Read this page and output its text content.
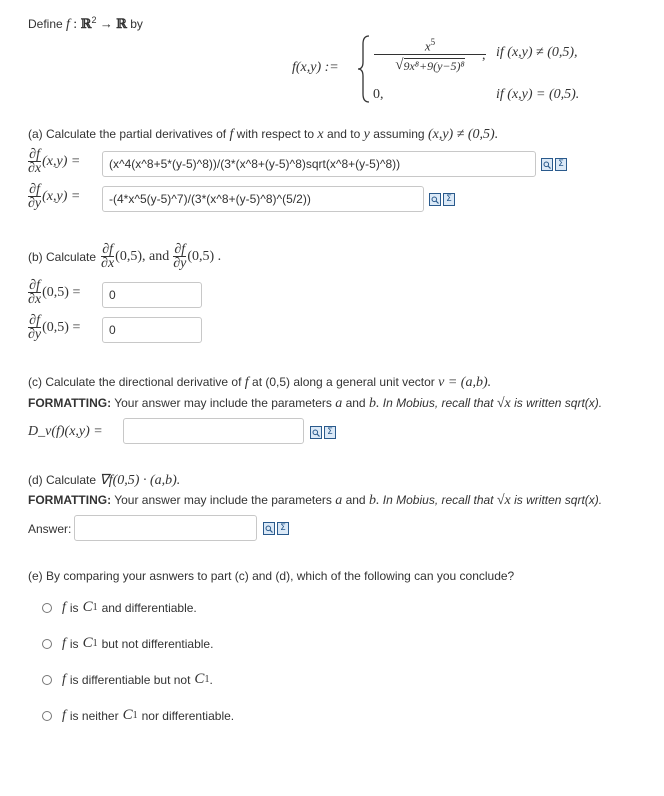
Define f : ℝ$^2$ → ℝ by
f(x,y) :=
$x^5$
√ 9x⁸+9(y−5)⁸
, if (x,y) ≠ (0,5),
0,	if (x,y) = (0,5).
(a) Calculate the partial derivatives of f with respect to x and to y assuming (x,y) ≠ (0,5).
$\frac{\partial f}{\partial x} (x,y)$ =	(x^4(x^8+5*(y-5)^8))/(3*(x^8+(y-5)^8)sqrt(x^8+(y-5)^8))	Σ
$\frac{\partial f}{\partial y} (x,y)$ =	-(4*x^5(y-5)^7)/(3*(x^8+(y-5)^8)^(5/2))	Σ
(b) Calculate $\frac{\partial f}{\partial x} (0,5)$, and $\frac{\partial f}{\partial y} (0,5)$ .
$\frac{\partial f}{\partial x} (0,5)$ =	0
$\frac{\partial f}{\partial y} (0,5)$ =	0
(c) Calculate the directional derivative of f at (0,5) along a general unit vector v = (a,b).
FORMATTING: Your answer may include the parameters a and b. In Mobius, recall that √x is written sqrt(x).
D_v(f)(x,y) =	Σ
(d) Calculate ∇f(0,5) · (a,b).
FORMATTING: Your answer may include the parameters a and b. In Mobius, recall that √x is written sqrt(x).
Answer:	Σ
(e) By comparing your asnwers to part (c) and (d), which of the following can you conclude?
f is C 1 and differentiable.
f is C 1 but not differentiable.
f is differentiable but not C 1 .
f is neither C 1 nor differentiable.
